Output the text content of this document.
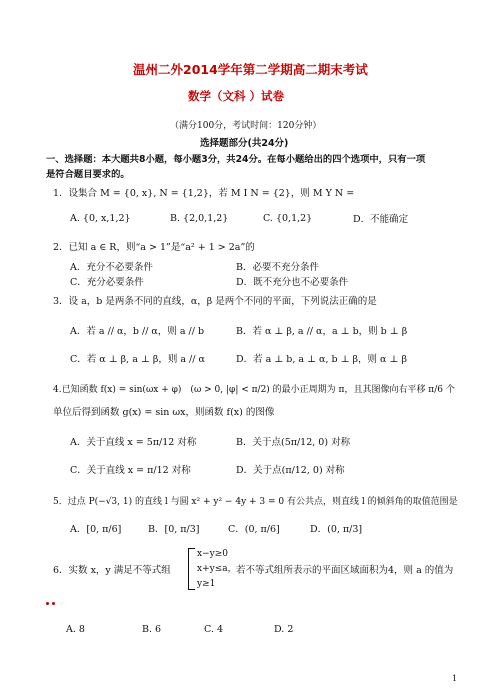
温州二外2014学年第二学期高二期末考试
数学（文科 ）试卷
（满分100分，考试时间：120分钟）
选择题部分(共24分)
一、选择题：本大题共8小题，每小题3分，共24分。在每小题给出的四个选项中，只有一项
是符合题目要求的。
1．设集合 M = {0, x}, N = {1,2}，若 M I N = {2}，则 M Y N =
A. {0, x,1,2}	B. {2,0,1,2}	C. {0,1,2}	D．不能确定
2．已知 a ∈ R，则“a > 1”是“a² + 1 > 2a”的
A．充分不必要条件	B．必要不充分条件
C．充分必要条件	D．既不充分也不必要条件
3．设 a，b 是两条不同的直线，α，β 是两个不同的平面，下列说法正确的是
A．若 a // α，b // α，则 a // b	B．若 α ⊥ β, a // α，a ⊥ b，则 b ⊥ β
C．若 α ⊥ β, a ⊥ β，则 a // α	D．若 a ⊥ b, a ⊥ α, b ⊥ β，则 α ⊥ β
4.已知函数 f(x) = sin(ωx + φ)　(ω > 0, |φ| < π/2) 的最小正周期为 π，且其图像向右平移 π/6 个
单位后得到函数 g(x) = sin ωx，则函数 f(x) 的图像
A．关于直线 x = 5π/12 对称	B．关于点(5π/12, 0) 对称
C．关于直线 x = π/12 对称	D．关于点(π/12, 0) 对称
5．过点 P(−√3, 1) 的直线 l 与圆 x² + y² − 4y + 3 = 0 有公共点，则直线 l 的倾斜角的取值范围是
A．[0, π/6]	B．[0, π/3]	C．(0, π/6]	D．(0, π/3]
6．实数 x，y 满足不等式组
x−y≥0
x+y≤a，
y≥1
若不等式组所表示的平面区域面积为4，则 a 的值为
A. 8	B. 6	C. 4	D. 2
1
